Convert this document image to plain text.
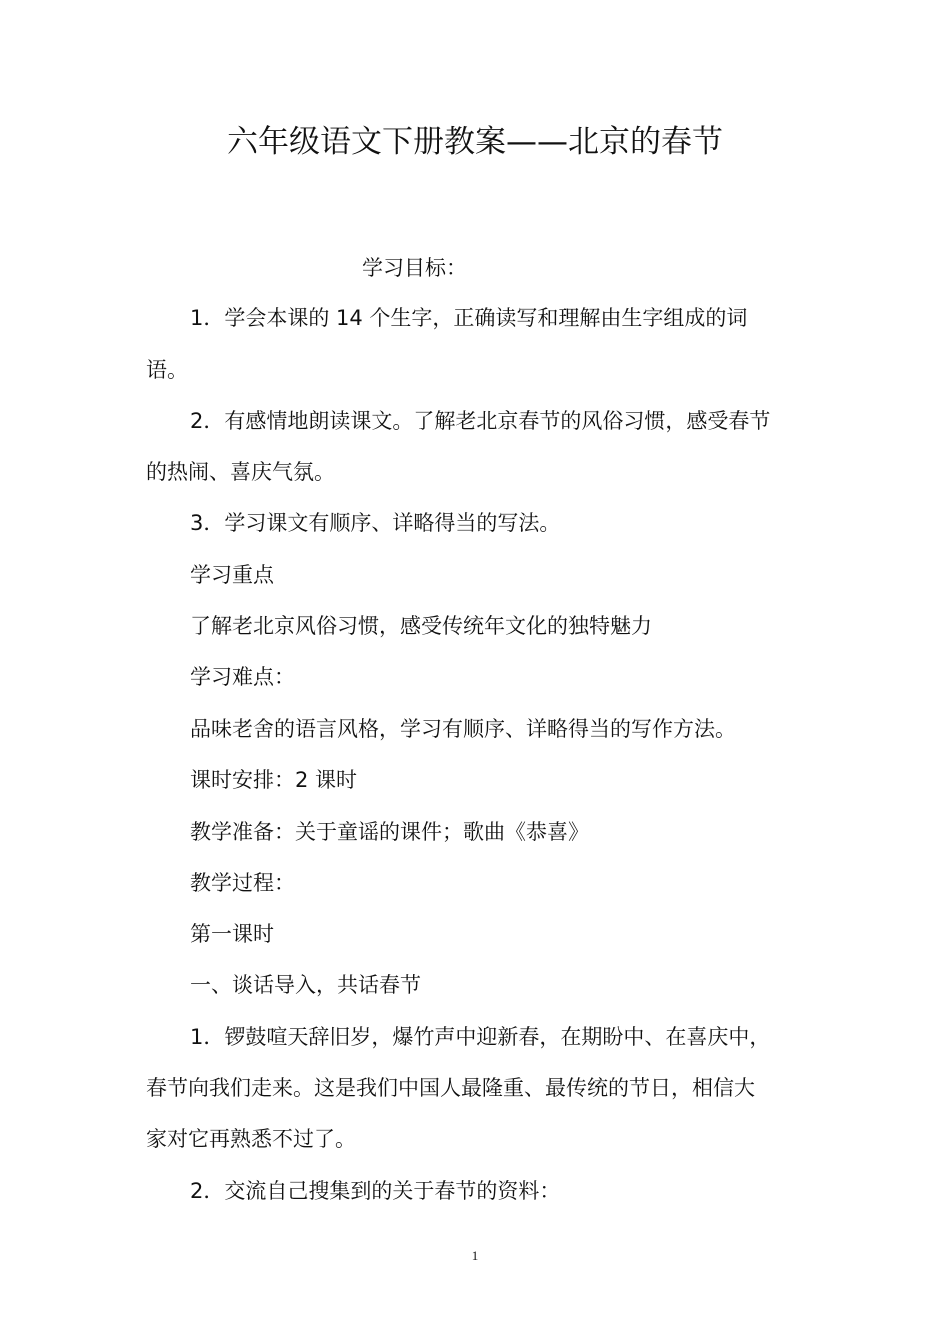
六年级语文下册教案——北京的春节
学习目标：
1．学会本课的 14 个生字，正确读写和理解由生字组成的词
语。
2．有感情地朗读课文。了解老北京春节的风俗习惯，感受春节
的热闹、喜庆气氛。
3．学习课文有顺序、详略得当的写法。
学习重点
了解老北京风俗习惯，感受传统年文化的独特魅力
学习难点：
品味老舍的语言风格，学习有顺序、详略得当的写作方法。
课时安排：2 课时
教学准备：关于童谣的课件；歌曲《恭喜》
教学过程：
第一课时
一、谈话导入，共话春节
1．锣鼓喧天辞旧岁，爆竹声中迎新春，在期盼中、在喜庆中，
春节向我们走来。这是我们中国人最隆重、最传统的节日，相信大
家对它再熟悉不过了。
2．交流自己搜集到的关于春节的资料：
1
